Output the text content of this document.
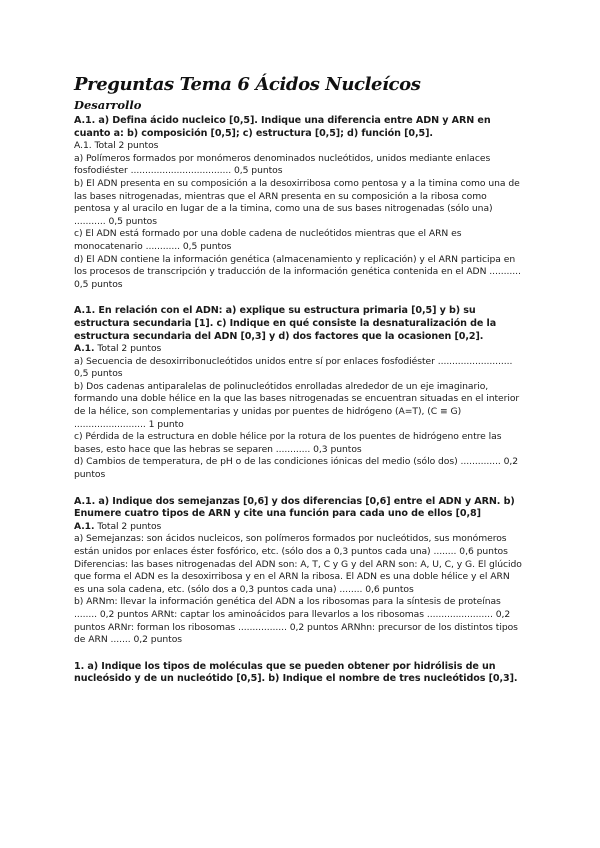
Preguntas Tema 6 Ácidos Nucleícos
Desarrollo

A.1. a) Defina ácido nucleico [0,5]. Indique una diferencia entre ADN y ARN en cuanto a: b) composición [0,5]; c) estructura [0,5]; d) función [0,5].

A.1. Total 2 puntos

a) Polímeros formados por monómeros denominados nucleótidos, unidos mediante enlaces fosfodiéster ................................... 0,5 puntos

b) El ADN presenta en su composición a la desoxirribosa como pentosa y a la timina como una de las bases nitrogenadas, mientras que el ARN presenta en su composición a la ribosa como pentosa y al uracilo en lugar de a la timina, como una de sus bases nitrogenadas (sólo una) ........... 0,5 puntos

c) El ADN está formado por una doble cadena de nucleótidos mientras que el ARN es monocatenario ............ 0,5 puntos

d) El ADN contiene la información genética (almacenamiento y replicación) y el ARN participa en los procesos de transcripción y traducción de la información genética contenida en el ADN ........... 0,5 puntos

A.1. En relación con el ADN: a) explique su estructura primaria [0,5] y b) su estructura secundaria [1]. c) Indique en qué consiste la desnaturalización de la estructura secundaria del ADN [0,3] y d) dos factores que la ocasionen [0,2].

A.1. Total 2 puntos

a) Secuencia de desoxirribonucleótidos unidos entre sí por enlaces fosfodiéster .......................... 0,5 puntos

b) Dos cadenas antiparalelas de polinucleótidos enrolladas alrededor de un eje imaginario, formando una doble hélice en la que las bases nitrogenadas se encuentran situadas en el interior de la hélice, son complementarias y unidas por puentes de hidrógeno (A=T), (C ≡ G) ......................... 1 punto

c) Pérdida de la estructura en doble hélice por la rotura de los puentes de hidrógeno entre las bases, esto hace que las hebras se separen ............ 0,3 puntos

d) Cambios de temperatura, de pH o de las condiciones iónicas del medio (sólo dos) .............. 0,2 puntos

A.1. a) Indique dos semejanzas [0,6] y dos diferencias [0,6] entre el ADN y ARN. b) Enumere cuatro tipos de ARN y cite una función para cada uno de ellos [0,8]

A.1. Total 2 puntos

a) Semejanzas: son ácidos nucleicos, son polímeros formados por nucleótidos, sus monómeros están unidos por enlaces éster fosfórico, etc. (sólo dos a 0,3 puntos cada una) ........ 0,6 puntos Diferencias: las bases nitrogenadas del ADN son: A, T, C y G y del ARN son: A, U, C, y G. El glúcido que forma el ADN es la desoxirribosa y en el ARN la ribosa. El ADN es una doble hélice y el ARN es una sola cadena, etc. (sólo dos a 0,3 puntos cada una) ........ 0,6 puntos

b) ARNm: llevar la información genética del ADN a los ribosomas para la síntesis de proteínas ........ 0,2 puntos ARNt: captar los aminoácidos para llevarlos a los ribosomas ....................... 0,2 puntos ARNr: forman los ribosomas ................. 0,2 puntos ARNhn: precursor de los distintos tipos de ARN ....... 0,2 puntos

1. a) Indique los tipos de moléculas que se pueden obtener por hidrólisis de un nucleósido y de un nucleótido [0,5]. b) Indique el nombre de tres nucleótidos [0,3].
